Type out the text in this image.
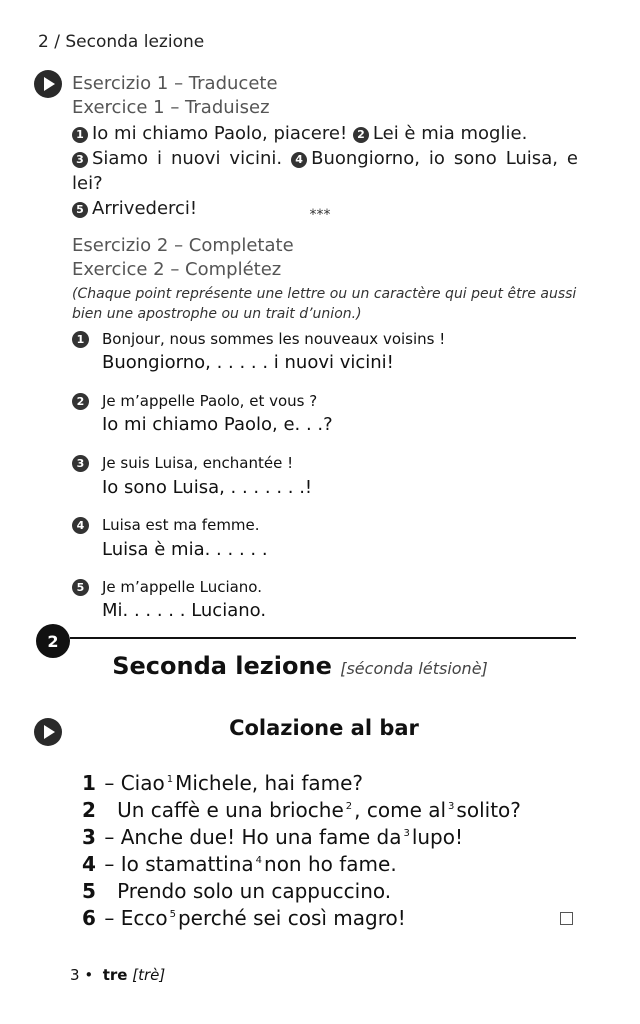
2 / Seconda lezione
Esercizio 1 – Traducete
Exercice 1 – Traduisez
1 Io mi chiamo Paolo, piacere! 2 Lei è mia moglie.
3 Siamo i nuovi vicini. 4 Buongiorno, io sono Luisa, e lei?
5 Arrivederci!	***
Esercizio 2 – Completate
Exercice 2 – Complétez
(Chaque point représente une lettre ou un caractère qui peut être aussi bien une apostrophe ou un trait d’union.)
1	Bonjour, nous sommes les nouveaux voisins !
Buongiorno, . . . . . i nuovi vicini!
2	Je m’appelle Paolo, et vous ?
Io mi chiamo Paolo, e. . .?
3	Je suis Luisa, enchantée !
Io sono Luisa, . . . . . . .!
4	Luisa est ma femme.
Luisa è mia. . . . . .
5	Je m’appelle Luciano.
Mi. . . . . . Luciano.
2
Seconda lezione [séconda létsionè]
Colazione al bar
1 – Ciao $^1$ Michele, hai fame?
2 Un caffè e una brioche $^2$ , come al $^3$ solito?
3 – Anche due! Ho una fame da $^3$ lupo!
4 – Io stamattina $^4$ non ho fame.
5 Prendo solo un cappuccino.
6 – Ecco $^5$ perché sei così magro!
3 • tre [trè]
